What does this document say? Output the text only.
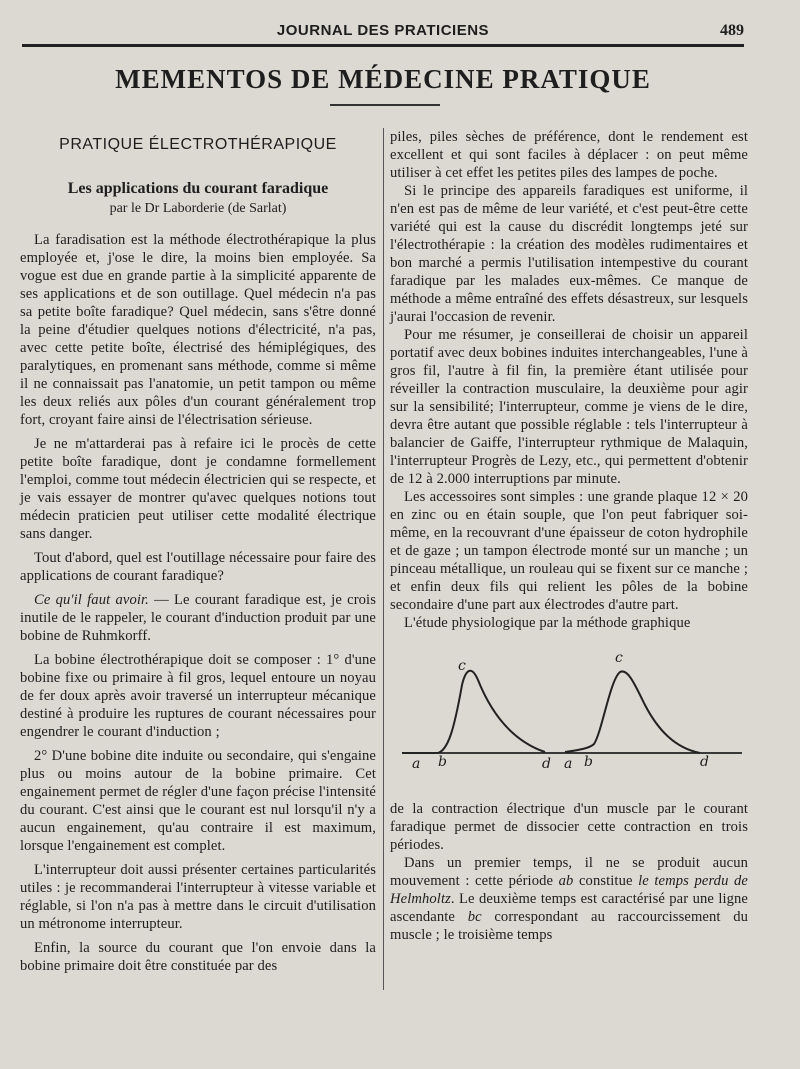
JOURNAL DES PRATICIENS	489
MEMENTOS DE MÉDECINE PRATIQUE
PRATIQUE ÉLECTROTHÉRAPIQUE
Les applications du courant faradique
par le Dr Laborderie (de Sarlat)

La faradisation est la méthode électrothérapique la plus employée et, j'ose le dire, la moins bien employée. Sa vogue est due en grande partie à la simplicité apparente de ses applications et de son outillage. Quel médecin n'a pas sa petite boîte faradique? Quel médecin, sans s'être donné la peine d'étudier quelques notions d'électricité, n'a pas, avec cette petite boîte, électrisé des hémiplégiques, des paralytiques, en promenant sans méthode, comme si même il ne connaissait pas l'anatomie, un petit tampon ou même les deux reliés aux pôles d'un courant généralement trop fort, croyant faire ainsi de l'électrisation sérieuse.

Je ne m'attarderai pas à refaire ici le procès de cette petite boîte faradique, dont je condamne formellement l'emploi, comme tout médecin électricien qui se respecte, et je vais essayer de montrer qu'avec quelques notions tout médecin praticien peut utiliser cette modalité électrique sans danger.

Tout d'abord, quel est l'outillage nécessaire pour faire des applications de courant faradique?

Ce qu'il faut avoir. — Le courant faradique est, je crois inutile de le rappeler, le courant d'induction produit par une bobine de Ruhmkorff.

La bobine électrothérapique doit se composer : 1° d'une bobine fixe ou primaire à fil gros, lequel entoure un noyau de fer doux après avoir traversé un interrupteur mécanique destiné à produire les ruptures de courant nécessaires pour engendrer le courant d'induction ;

2° D'une bobine dite induite ou secondaire, qui s'engaine plus ou moins autour de la bobine primaire. Cet engainement permet de régler d'une façon précise l'intensité du courant. C'est ainsi que le courant est nul lorsqu'il n'y a aucun engainement, qu'au contraire il est maximum, lorsque l'engainement est complet.

L'interrupteur doit aussi présenter certaines particularités utiles : je recommanderai l'interrupteur à vitesse variable et réglable, si l'on n'a pas à mettre dans le circuit d'utilisation un métronome interrupteur.

Enfin, la source du courant que l'on envoie dans la bobine primaire doit être constituée par des

piles, piles sèches de préférence, dont le rendement est excellent et qui sont faciles à déplacer : on peut même utiliser à cet effet les petites piles des lampes de poche.

Si le principe des appareils faradiques est uniforme, il n'en est pas de même de leur variété, et c'est peut-être cette variété qui est la cause du discrédit longtemps jeté sur l'électrothérapie : la création des modèles rudimentaires et bon marché a permis l'utilisation intempestive du courant faradique par les malades eux-mêmes. Ce manque de méthode a même entraîné des effets désastreux, sur lesquels j'aurai l'occasion de revenir.

Pour me résumer, je conseillerai de choisir un appareil portatif avec deux bobines induites interchangeables, l'une à gros fil, l'autre à fil fin, la première étant utilisée pour réveiller la contraction musculaire, la deuxième pour agir sur la sensibilité; l'interrupteur, comme je viens de le dire, devra être autant que possible réglable : tels l'interrupteur à balancier de Gaiffe, l'interrupteur rythmique de Malaquin, l'interrupteur Progrès de Lezy, etc., qui permettent d'obtenir de 12 à 2.000 interruptions par minute.

Les accessoires sont simples : une grande plaque 12 × 20 en zinc ou en étain souple, que l'on peut fabriquer soi-même, en la recouvrant d'une épaisseur de coton hydrophile et de gaze ; un tampon électrode monté sur un manche ; un pinceau métallique, un rouleau qui se fixent sur ce manche ; et enfin deux fils qui relient les pôles de la bobine secondaire d'une part aux électrodes d'autre part.

L'étude physiologique par la méthode graphique

a b
c
d a b
c
d

de la contraction électrique d'un muscle par le courant faradique permet de dissocier cette contraction en trois périodes.

Dans un premier temps, il ne se produit aucun mouvement : cette période ab constitue le temps perdu de Helmholtz. Le deuxième temps est caractérisé par une ligne ascendante bc correspondant au raccourcissement du muscle ; le troisième temps
